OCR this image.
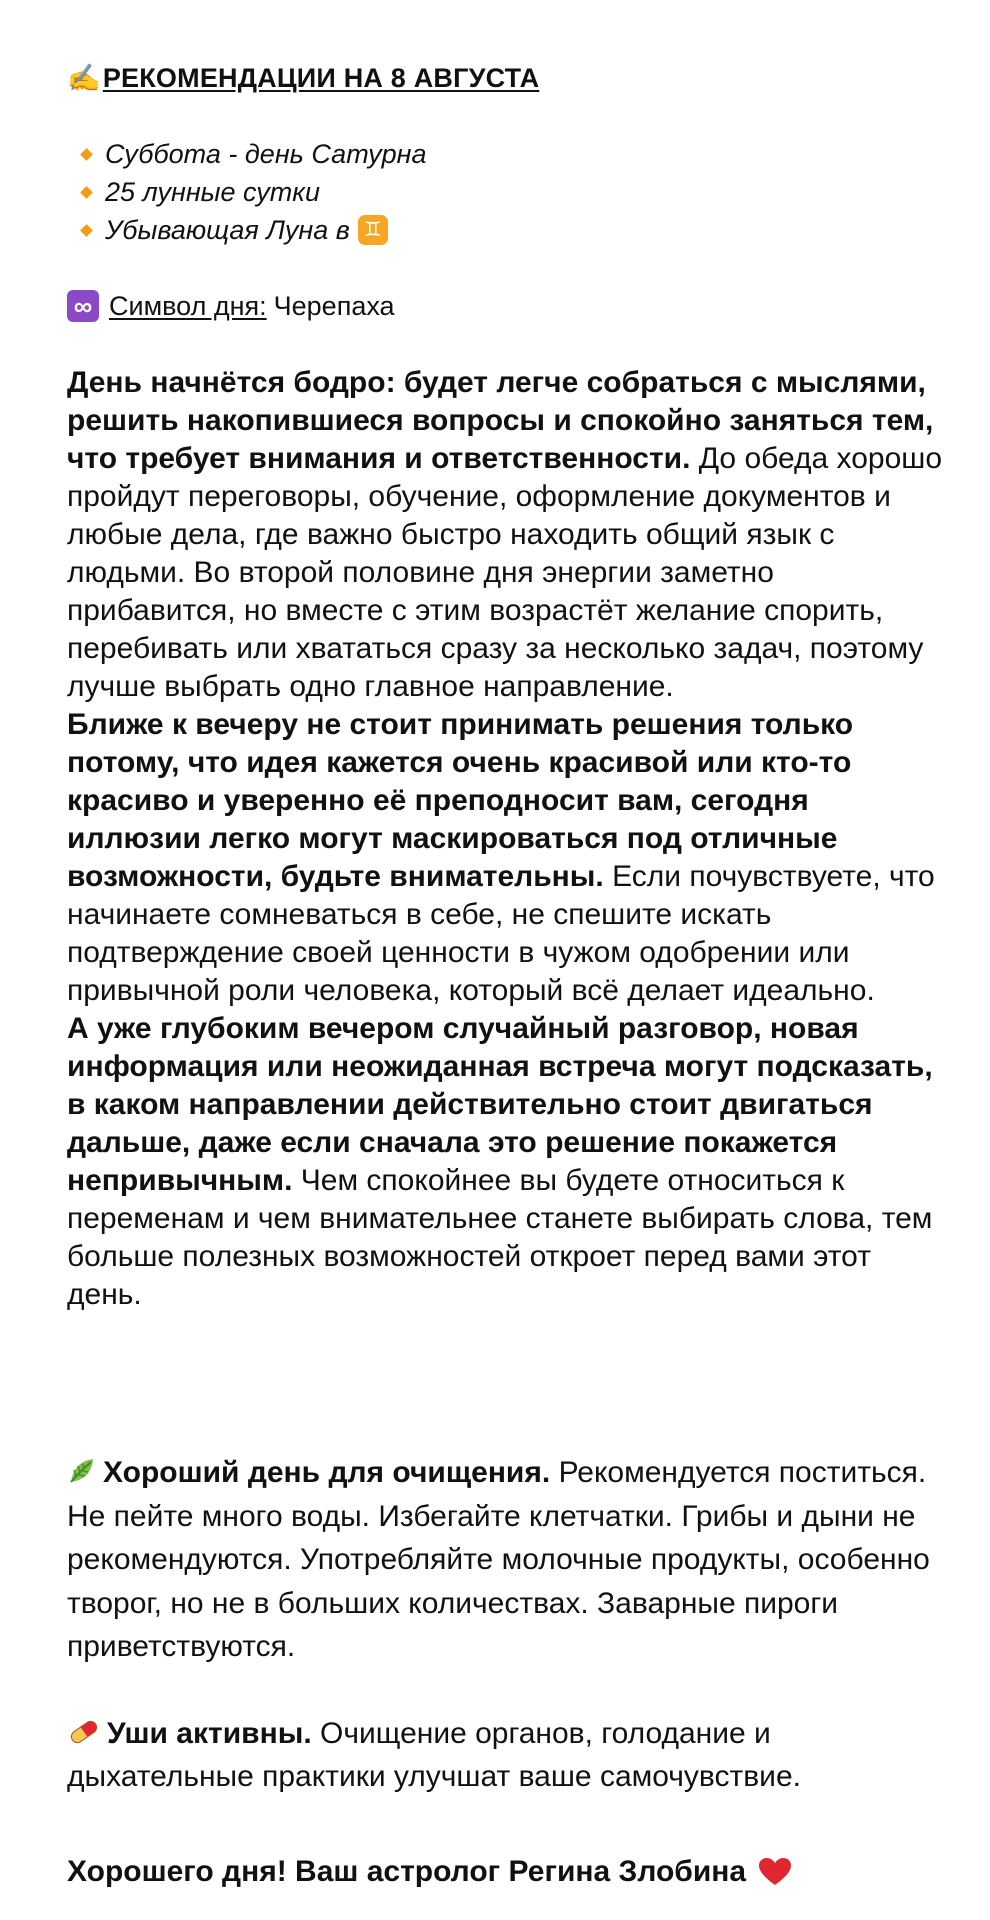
✍️РЕКОМЕНДАЦИИ НА 8 АВГУСТА
Суббота - день Сатурна
25 лунные сутки
Убывающая Луна в ♊
∞ Символ дня: Черепаха

День начнётся бодро: будет легче собраться с мыслями, решить накопившиеся вопросы и спокойно заняться тем, что требует внимания и ответственности. До обеда хорошо пройдут переговоры, обучение, оформление документов и любые дела, где важно быстро находить общий язык с людьми. Во второй половине дня энергии заметно прибавится, но вместе с этим возрастёт желание спорить, перебивать или хвататься сразу за несколько задач, поэтому лучше выбрать одно главное направление.

Ближе к вечеру не стоит принимать решения только потому, что идея кажется очень красивой или кто-то красиво и уверенно её преподносит вам, сегодня иллюзии легко могут маскироваться под отличные возможности, будьте внимательны. Если почувствуете, что начинаете сомневаться в себе, не спешите искать подтверждение своей ценности в чужом одобрении или привычной роли человека, который всё делает идеально.

А уже глубоким вечером случайный разговор, новая информация или неожиданная встреча могут подсказать, в каком направлении действительно стоит двигаться дальше, даже если сначала это решение покажется непривычным. Чем спокойнее вы будете относиться к переменам и чем внимательнее станете выбирать слова, тем больше полезных возможностей откроет перед вами этот день.

Хороший день для очищения. Рекомендуется поститься. Не пейте много воды. Избегайте клетчатки. Грибы и дыни не рекомендуются. Употребляйте молочные продукты, особенно творог, но не в больших количествах. Заварные пироги приветствуются.

Уши активны. Очищение органов, голодание и дыхательные практики улучшат ваше самочувствие.

Хорошего дня! Ваш астролог Регина Злобина
